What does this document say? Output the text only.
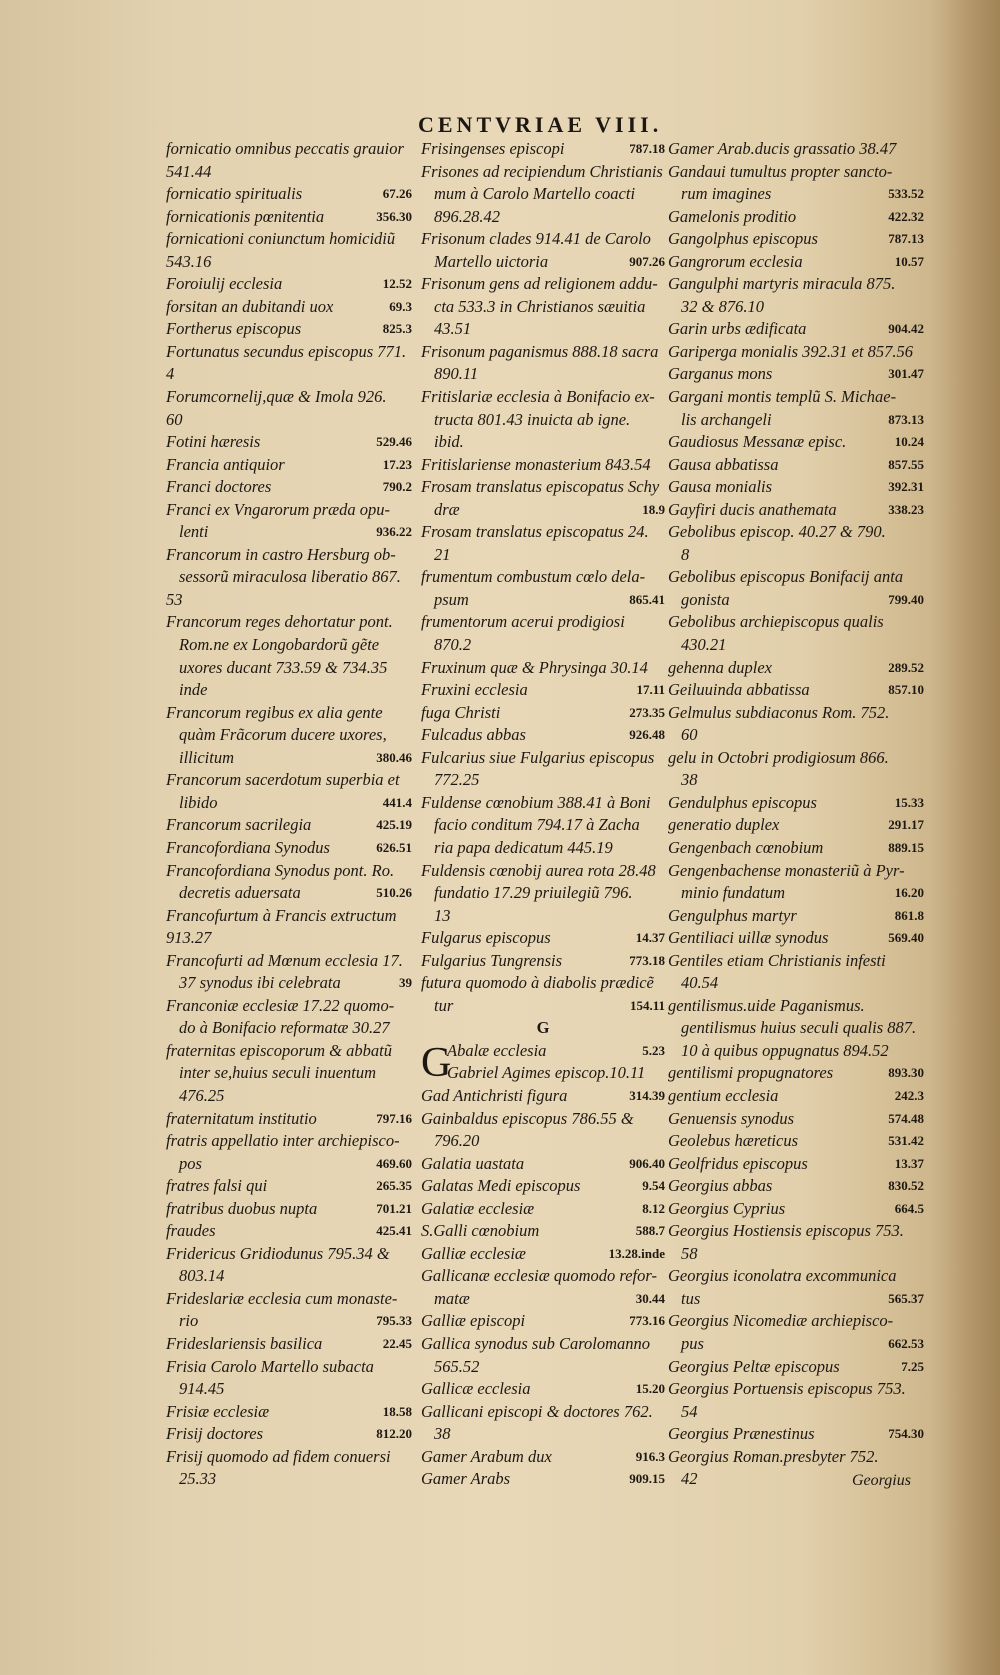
CENTVRIAE VIII.
fornicatio omnibus peccatis grauior
541.44
fornicatio spiritualis	67.26
fornicationis pœnitentia	356.30
fornicationi coniunctum homicidiũ
543.16
Foroiulij ecclesia	12.52
forsitan an dubitandi uox	69.3
Fortherus episcopus	825.3
Fortunatus secundus episcopus 771.
4
Forumcornelij,quæ & Imola 926.
60
Fotini hæresis	529.46
Francia antiquior	17.23
Franci doctores	790.2
Franci ex Vngarorum præda opu-
lenti	936.22
Francorum in castro Hersburg ob-
sessorũ miraculosa liberatio 867.
53
Francorum reges dehortatur pont.
Rom.ne ex Longobardorũ gẽte
uxores ducant 733.59 & 734.35
inde
Francorum regibus ex alia gente
quàm Frãcorum ducere uxores,
illicitum	380.46
Francorum sacerdotum superbia et
libido	441.4
Francorum sacrilegia	425.19
Francofordiana Synodus	626.51
Francofordiana Synodus pont. Ro.
decretis aduersata	510.26
Francofurtum à Francis extructum
913.27
Francofurti ad Mœnum ecclesia 17.
37 synodus ibi celebrata	39
Franconiæ ecclesiæ 17.22 quomo-
do à Bonifacio reformatæ 30.27
fraternitas episcoporum & abbatũ
inter se,huius seculi inuentum
476.25
fraternitatum institutio	797.16
fratris appellatio inter archiepisco-
pos	469.60
fratres falsi qui	265.35
fratribus duobus nupta	701.21
fraudes	425.41
Fridericus Gridiodunus 795.34 &
803.14
Frideslariæ ecclesia cum monaste-
rio	795.33
Frideslariensis basilica	22.45
Frisia Carolo Martello subacta
914.45
Frisiæ ecclesiæ	18.58
Frisij doctores	812.20
Frisij quomodo ad fidem conuersi
25.33
Frisingenses episcopi	787.18
Frisones ad recipiendum Christianis
mum à Carolo Martello coacti
896.28.42
Frisonum clades 914.41 de Carolo
Martello uictoria	907.26
Frisonum gens ad religionem addu-
cta 533.3 in Christianos sæuitia
43.51
Frisonum paganismus 888.18 sacra
890.11
Fritislariæ ecclesia à Bonifacio ex-
tructa 801.43 inuicta ab igne.
ibid.
Fritislariense monasterium 843.54
Frosam translatus episcopatus Schy
dræ	18.9
Frosam translatus episcopatus 24.
21
frumentum combustum cœlo dela-
psum	865.41
frumentorum acerui prodigiosi
870.2
Fruxinum quæ & Phrysinga 30.14
Fruxini ecclesia	17.11
fuga Christi	273.35
Fulcadus abbas	926.48
Fulcarius siue Fulgarius episcopus
772.25
Fuldense cœnobium 388.41 à Boni
facio conditum 794.17 à Zacha
ria papa dedicatum 445.19
Fuldensis cœnobij aurea rota 28.48
fundatio 17.29 priuilegiũ 796.
13
Fulgarus episcopus	14.37
Fulgarius Tungrensis	773.18
futura quomodo à diabolis prædicẽ
tur	154.11
G
G
Abalæ ecclesia	5.23
Gabriel Agimes episcop.10.11
Gad Antichristi figura	314.39
Gainbaldus episcopus 786.55 &
796.20
Galatia uastata	906.40
Galatas Medi episcopus	9.54
Galatiæ ecclesiæ	8.12
S.Galli cœnobium	588.7
Galliæ ecclesiæ	13.28.inde
Gallicanæ ecclesiæ quomodo refor-
matæ	30.44
Galliæ episcopi	773.16
Gallica synodus sub Carolomanno
565.52
Gallicæ ecclesia	15.20
Gallicani episcopi & doctores 762.
38
Gamer Arabum dux	916.3
Gamer Arabs	909.15
Gamer Arab.ducis grassatio 38.47
Gandaui tumultus propter sancto-
rum imagines	533.52
Gamelonis proditio	422.32
Gangolphus episcopus	787.13
Gangrorum ecclesia	10.57
Gangulphi martyris miracula 875.
32 & 876.10
Garin urbs ædificata	904.42
Gariperga monialis 392.31 et 857.56
Garganus mons	301.47
Gargani montis templũ S. Michae-
lis archangeli	873.13
Gaudiosus Messanæ episc.	10.24
Gausa abbatissa	857.55
Gausa monialis	392.31
Gayfiri ducis anathemata	338.23
Gebolibus episcop. 40.27 & 790.
8
Gebolibus episcopus Bonifacij anta
gonista	799.40
Gebolibus archiepiscopus qualis
430.21
gehenna duplex	289.52
Geiluuinda abbatissa	857.10
Gelmulus subdiaconus Rom. 752.
60
gelu in Octobri prodigiosum 866.
38
Gendulphus episcopus	15.33
generatio duplex	291.17
Gengenbach cœnobium	889.15
Gengenbachense monasteriũ à Pyr-
minio fundatum	16.20
Gengulphus martyr	861.8
Gentiliaci uillæ synodus	569.40
Gentiles etiam Christianis infesti
40.54
gentilismus.uide Paganismus.
gentilismus huius seculi qualis 887.
10 à quibus oppugnatus 894.52
gentilismi propugnatores	893.30
gentium ecclesia	242.3
Genuensis synodus	574.48
Geolebus hæreticus	531.42
Geolfridus episcopus	13.37
Georgius abbas	830.52
Georgius Cyprius	664.5
Georgius Hostiensis episcopus 753.
58
Georgius iconolatra excommunica
tus	565.37
Georgius Nicomediæ archiepisco-
pus	662.53
Georgius Peltæ episcopus	7.25
Georgius Portuensis episcopus 753.
54
Georgius Prænestinus	754.30
Georgius Roman.presbyter 752.
42	Georgius
